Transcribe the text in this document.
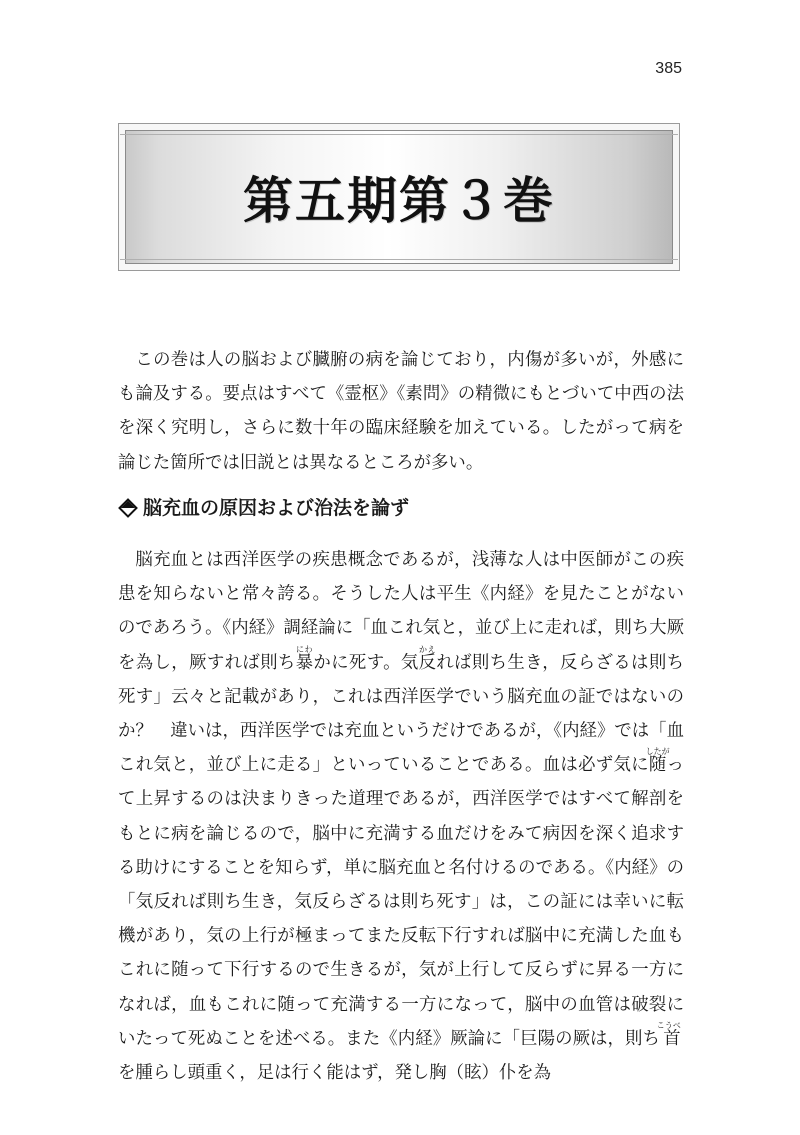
385
第五期第３巻

この巻は人の脳および臓腑の病を論じており，内傷が多いが，外感にも論及する。要点はすべて《霊枢》《素問》の精微にもとづいて中西の法を深く究明し，さらに数十年の臨床経験を加えている。したがって病を論じた箇所では旧説とは異なるところが多い。

脳充血の原因および治法を論ず

脳充血とは西洋医学の疾患概念であるが，浅薄な人は中医師がこの疾患を知らないと常々誇る。そうした人は平生《内経》を見たことがないのであろう。《内経》調経論に「血これ気と，並び上に走れば，則ち大厥を為し，厥すれば則ち暴にわかに死す。気反かえれば則ち生き，反らざるは則ち死す」云々と記載があり，これは西洋医学でいう脳充血の証ではないのか？　違いは，西洋医学では充血というだけであるが，《内経》では「血これ気と，並び上に走る」といっていることである。血は必ず気に随したがって上昇するのは決まりきった道理であるが，西洋医学ではすべて解剖をもとに病を論じるので，脳中に充満する血だけをみて病因を深く追求する助けにすることを知らず，単に脳充血と名付けるのである。《内経》の「気反れば則ち生き，気反らざるは則ち死す」は，この証には幸いに転機があり，気の上行が極まってまた反転下行すれば脳中に充満した血もこれに随って下行するので生きるが，気が上行して反らずに昇る一方になれば，血もこれに随って充満する一方になって，脳中の血管は破裂にいたって死ぬことを述べる。また《内経》厥論に「巨陽の厥は，則ち首こうべを腫らし頭重く，足は行く能はず，発し胸（眩）仆を為
